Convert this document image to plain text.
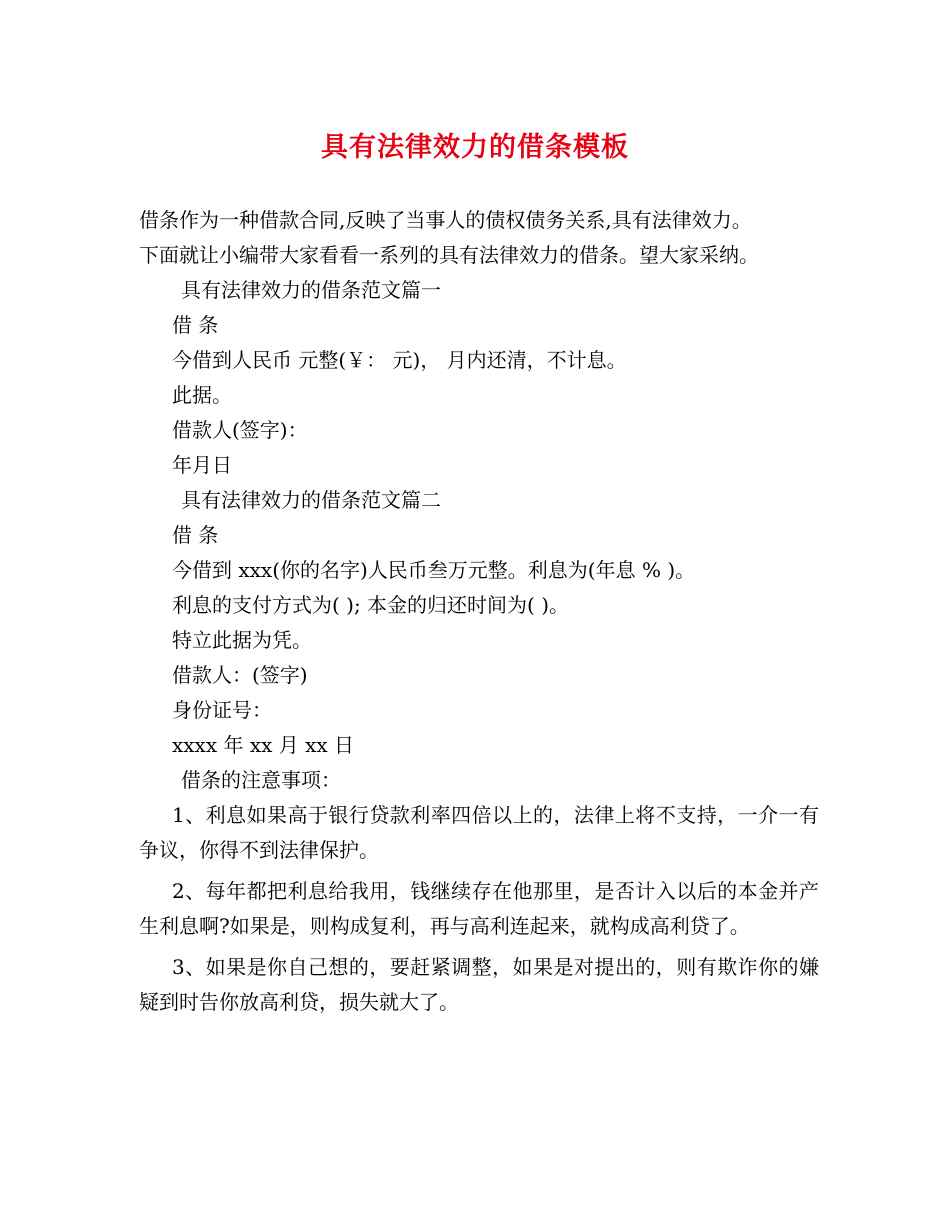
具有法律效力的借条模板

借条作为一种借款合同,反映了当事人的债权债务关系,具有法律效力。

下面就让小编带大家看看一系列的具有法律效力的借条。望大家采纳。

具有法律效力的借条范文篇一

借 条

今借到人民币 元整(￥： 元)， 月内还清，不计息。

此据。

借款人(签字)：

年月日

具有法律效力的借条范文篇二

借 条

今借到 xxx(你的名字)人民币叁万元整。利息为(年息 % )。

利息的支付方式为( ); 本金的归还时间为( )。

特立此据为凭。

借款人：(签字)

身份证号：

xxxx 年 xx 月 xx 日

借条的注意事项：

1、利息如果高于银行贷款利率四倍以上的，法律上将不支持，一介一有争议，你得不到法律保护。

2、每年都把利息给我用，钱继续存在他那里，是否计入以后的本金并产生利息啊?如果是，则构成复利，再与高利连起来，就构成高利贷了。

3、如果是你自己想的，要赶紧调整，如果是对提出的，则有欺诈你的嫌疑到时告你放高利贷，损失就大了。
